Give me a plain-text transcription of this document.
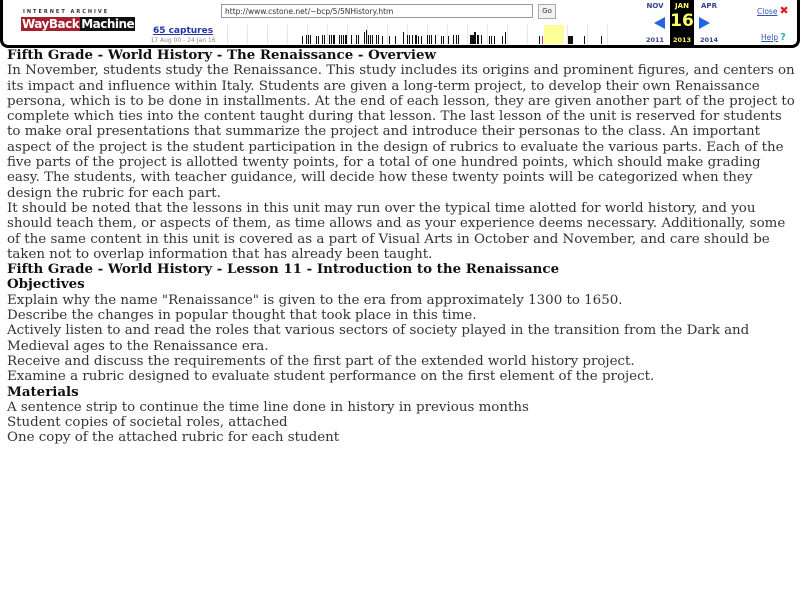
INTERNET ARCHIVE
WayBack Machine	65 captures
17 Aug 00 - 24 Jan 16
http://www.cstone.net/~bcp/5/5NHistory.htm	Go
NOV
2011
JAN
16
2013
APR
2014
Close ✖
Help ?
Fifth Grade - World History - The Renaissance - Overview

In November, students study the Renaissance. This study includes its origins and prominent figures, and centers on its impact and influence within Italy. Students are given a long-term project, to develop their own Renaissance persona, which is to be done in installments. At the end of each lesson, they are given another part of the project to complete which ties into the content taught during that lesson. The last lesson of the unit is reserved for students to make oral presentations that summarize the project and introduce their personas to the class. An important aspect of the project is the student participation in the design of rubrics to evaluate the various parts. Each of the five parts of the project is allotted twenty points, for a total of one hundred points, which should make grading easy. The students, with teacher guidance, will decide how these twenty points will be categorized when they design the rubric for each part.

It should be noted that the lessons in this unit may run over the typical time alotted for world history, and you should teach them, or aspects of them, as time allows and as your experience deems necessary. Additionally, some of the same content in this unit is covered as a part of Visual Arts in October and November, and care should be taken not to overlap information that has already been taught.

Fifth Grade - World History - Lesson 11 - Introduction to the Renaissance

Objectives

Explain why the name "Renaissance" is given to the era from approximately 1300 to 1650.

Describe the changes in popular thought that took place in this time.

Actively listen to and read the roles that various sectors of society played in the transition from the Dark and Medieval ages to the Renaissance era.

Receive and discuss the requirements of the first part of the extended world history project.

Examine a rubric designed to evaluate student performance on the first element of the project.

Materials

A sentence strip to continue the time line done in history in previous months

Student copies of societal roles, attached

One copy of the attached rubric for each student
